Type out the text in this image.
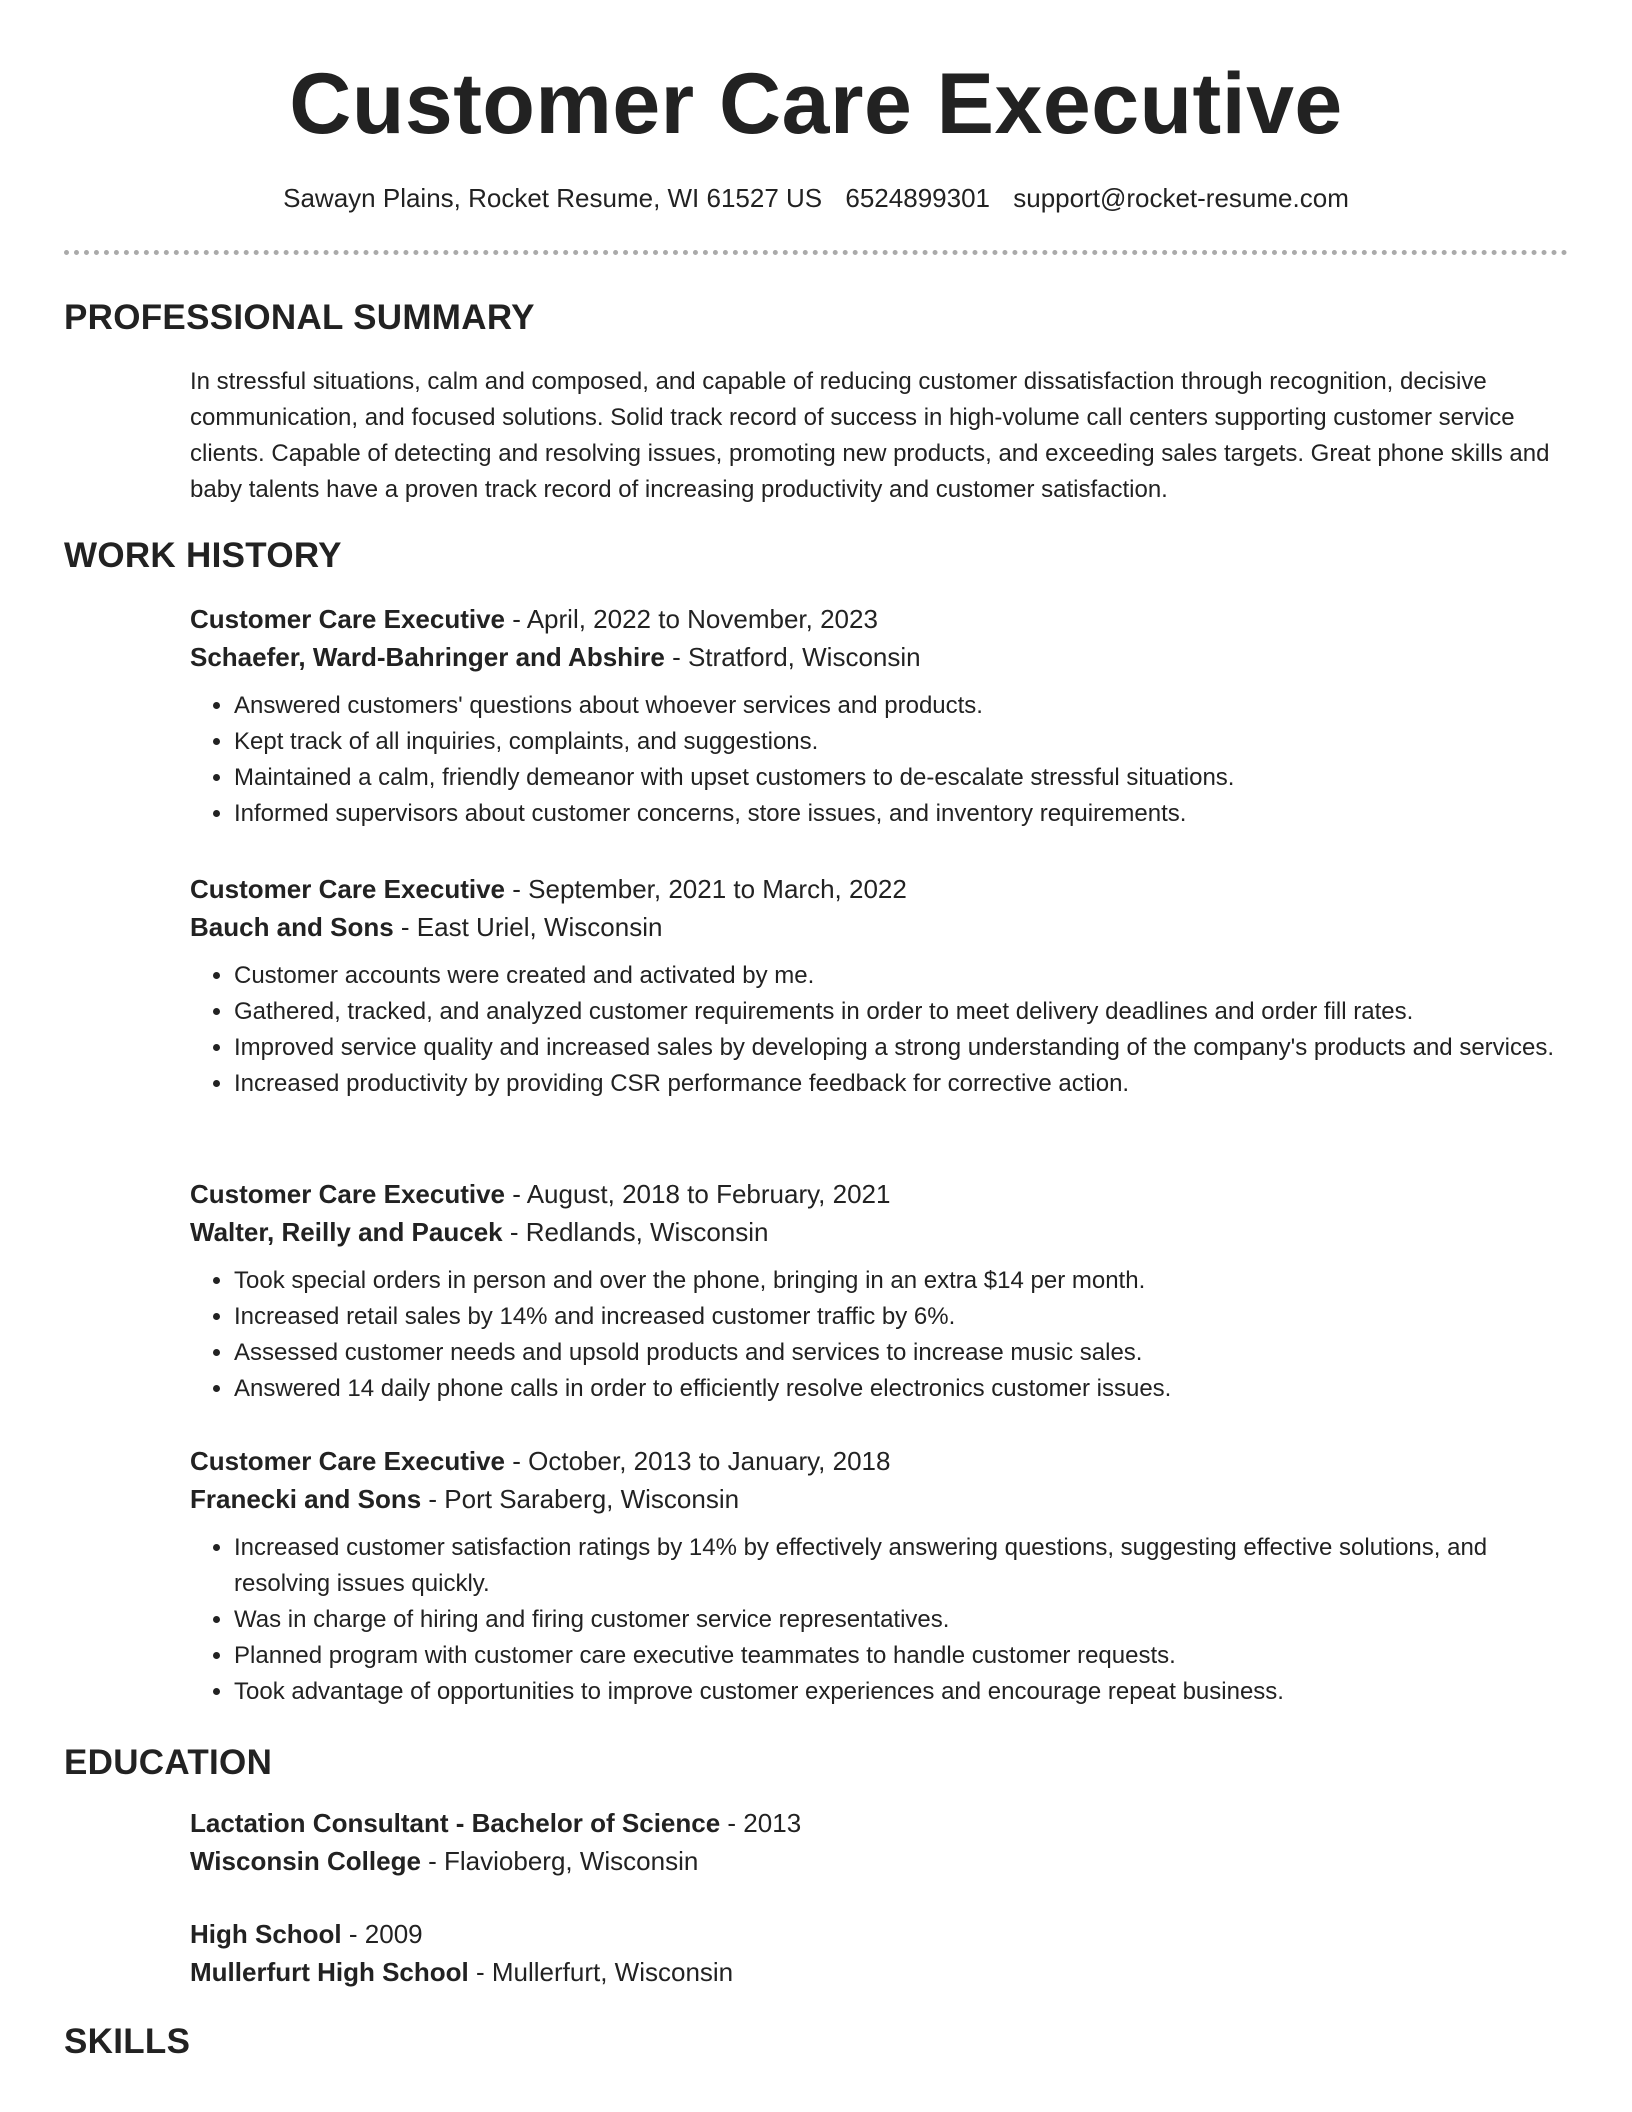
Customer Care Executive
Sawayn Plains, Rocket Resume, WI 61527 US 6524899301 support@rocket-resume.com
PROFESSIONAL SUMMARY

In stressful situations, calm and composed, and capable of reducing customer dissatisfaction through recognition, decisive communication, and focused solutions. Solid track record of success in high-volume call centers supporting customer service clients. Capable of detecting and resolving issues, promoting new products, and exceeding sales targets. Great phone skills and baby talents have a proven track record of increasing productivity and customer satisfaction.

WORK HISTORY

Customer Care Executive - April, 2022 to November, 2023

Schaefer, Ward-Bahringer and Abshire - Stratford, Wisconsin

• Answered customers' questions about whoever services and products.
• Kept track of all inquiries, complaints, and suggestions.
• Maintained a calm, friendly demeanor with upset customers to de-escalate stressful situations.
• Informed supervisors about customer concerns, store issues, and inventory requirements.

Customer Care Executive - September, 2021 to March, 2022

Bauch and Sons - East Uriel, Wisconsin

• Customer accounts were created and activated by me.
• Gathered, tracked, and analyzed customer requirements in order to meet delivery deadlines and order fill rates.
• Improved service quality and increased sales by developing a strong understanding of the company's products and services.
• Increased productivity by providing CSR performance feedback for corrective action.

Customer Care Executive - August, 2018 to February, 2021

Walter, Reilly and Paucek - Redlands, Wisconsin

• Took special orders in person and over the phone, bringing in an extra $14 per month.
• Increased retail sales by 14% and increased customer traffic by 6%.
• Assessed customer needs and upsold products and services to increase music sales.
• Answered 14 daily phone calls in order to efficiently resolve electronics customer issues.

Customer Care Executive - October, 2013 to January, 2018

Franecki and Sons - Port Saraberg, Wisconsin

• Increased customer satisfaction ratings by 14% by effectively answering questions, suggesting effective solutions, and resolving issues quickly.
• Was in charge of hiring and firing customer service representatives.
• Planned program with customer care executive teammates to handle customer requests.
• Took advantage of opportunities to improve customer experiences and encourage repeat business.
EDUCATION

Lactation Consultant - Bachelor of Science - 2013

Wisconsin College - Flavioberg, Wisconsin

High School - 2009

Mullerfurt High School - Mullerfurt, Wisconsin

SKILLS
